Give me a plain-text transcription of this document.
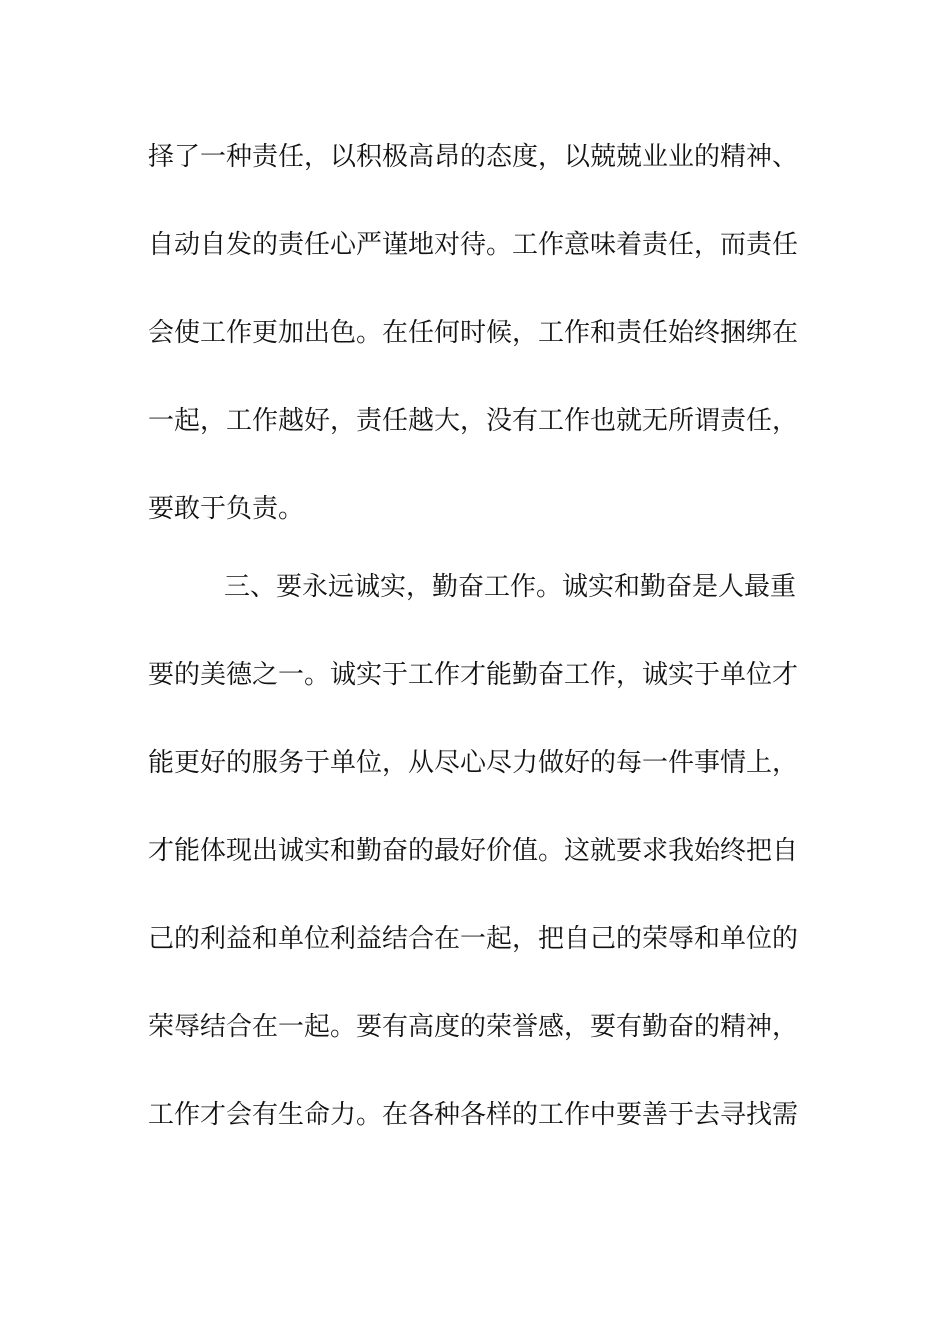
择了一种责任，以积极高昂的态度，以兢兢业业的精神、
自动自发的责任心严谨地对待。工作意味着责任，而责任
会使工作更加出色。在任何时候，工作和责任始终捆绑在
一起，工作越好，责任越大，没有工作也就无所谓责任，
要敢于负责。
三、要永远诚实，勤奋工作。诚实和勤奋是人最重
要的美德之一。诚实于工作才能勤奋工作，诚实于单位才
能更好的服务于单位，从尽心尽力做好的每一件事情上，
才能体现出诚实和勤奋的最好价值。这就要求我始终把自
己的利益和单位利益结合在一起，把自己的荣辱和单位的
荣辱结合在一起。要有高度的荣誉感，要有勤奋的精神，
工作才会有生命力。在各种各样的工作中要善于去寻找需
